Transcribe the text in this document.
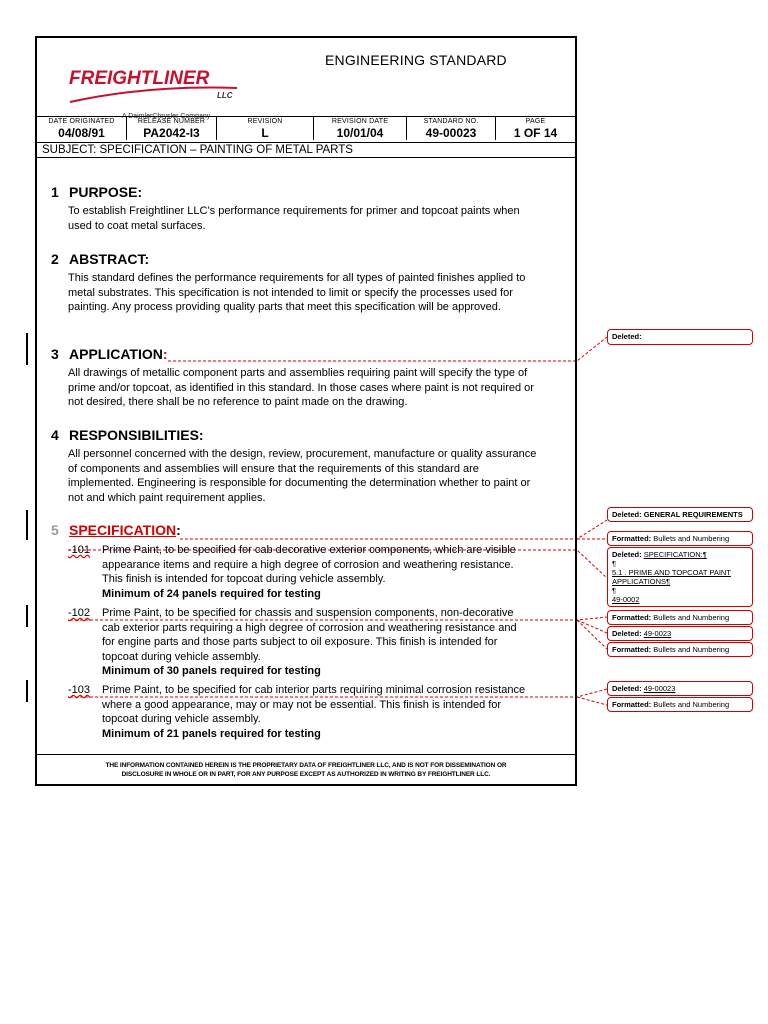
FREIGHTLINER
LLC
A DaimlerChrysler Company
ENGINEERING STANDARD
DATE ORIGINATED
04/08/91

RELEASE NUMBER
PA2042-I3

REVISION
L

REVISION DATE
10/01/04

STANDARD NO.
49-00023

PAGE
1 OF 14
SUBJECT: SPECIFICATION – PAINTING OF METAL PARTS
1 PURPOSE:
To establish Freightliner LLC’s performance requirements for primer and topcoat paints when used to coat metal surfaces.
2 ABSTRACT:
This standard defines the performance requirements for all types of painted finishes applied to metal substrates. This specification is not intended to limit or specify the processes used for painting. Any process providing quality parts that meet this specification will be approved.
3 APPLICATION:
All drawings of metallic component parts and assemblies requiring paint will specify the type of prime and/or topcoat, as identified in this standard. In those cases where paint is not required or not desired, there shall be no reference to paint made on the drawing.
4 RESPONSIBILITIES:
All personnel concerned with the design, review, procurement, manufacture or quality assurance of components and assemblies will ensure that the requirements of this standard are implemented. Engineering is responsible for documenting the determination whether to paint or not and which paint requirement applies.
5 SPECIFICATION:
-101 Prime Paint, to be specified for cab decorative exterior components, which are visible
appearance items and require a high degree of corrosion and weathering resistance.
This finish is intended for topcoat during vehicle assembly.
Minimum of 24 panels required for testing
-102 Prime Paint, to be specified for chassis and suspension components, non-decorative
cab exterior parts requiring a high degree of corrosion and weathering resistance and
for engine parts and those parts subject to oil exposure. This finish is intended for
topcoat during vehicle assembly.
Minimum of 30 panels required for testing
-103 Prime Paint, to be specified for cab interior parts requiring minimal corrosion resistance
where a good appearance, may or may not be essential. This finish is intended for
topcoat during vehicle assembly.
Minimum of 21 panels required for testing
THE INFORMATION CONTAINED HEREIN IS THE PROPRIETARY DATA OF FREIGHTLINER LLC, AND IS NOT FOR DISSEMINATION OR
DISCLOSURE IN WHOLE OR IN PART, FOR ANY PURPOSE EXCEPT AS AUTHORIZED IN WRITING BY FREIGHTLINER LLC.
Deleted:
Deleted: GENERAL REQUIREMENTS
Formatted: Bullets and Numbering
Deleted: SPECIFICATION:¶
¶
5.1 . PRIME AND TOPCOAT PAINT APPLICATIONS¶
¶
49-0002
Formatted: Bullets and Numbering
Deleted: 49-0023
Formatted: Bullets and Numbering
Deleted: 49-00023
Formatted: Bullets and Numbering
